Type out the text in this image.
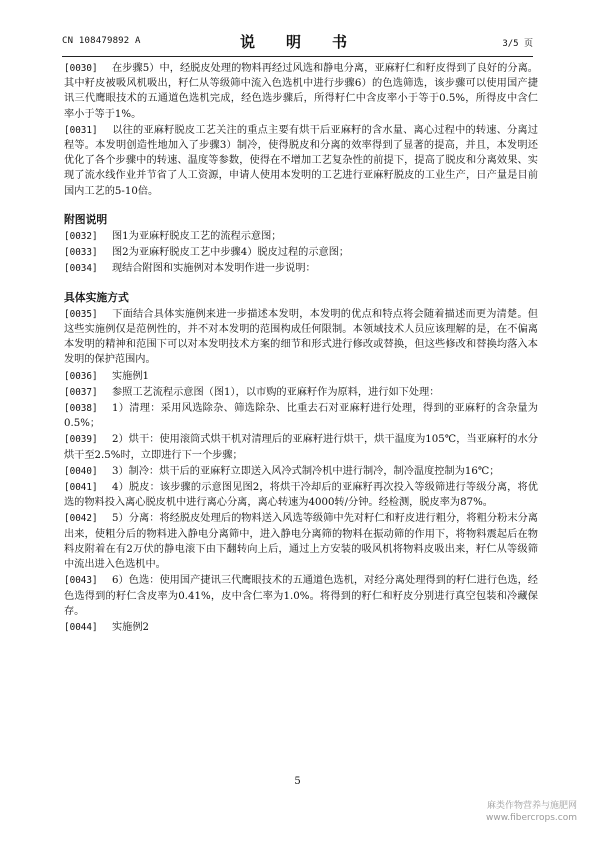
CN 108479892 A	说　明　书	3/5 页
[0030] 在步骤5）中，经脱皮处理的物料再经过风选和静电分离，亚麻籽仁和籽皮得到了良好的分离。其中籽皮被吸风机吸出，籽仁从等级筛中流入色选机中进行步骤6）的色选筛选，该步骤可以使用国产捷讯三代鹰眼技术的五通道色选机完成，经色选步骤后，所得籽仁中含皮率小于等于0.5%，所得皮中含仁率小于等于1%。
[0031] 以往的亚麻籽脱皮工艺关注的重点主要有烘干后亚麻籽的含水量、离心过程中的转速、分离过程等。本发明创造性地加入了步骤3）制冷，使得脱皮和分离的效率得到了显著的提高，并且，本发明还优化了各个步骤中的转速、温度等参数，使得在不增加工艺复杂性的前提下，提高了脱皮和分离效果、实现了流水线作业并节省了人工资源，申请人使用本发明的工艺进行亚麻籽脱皮的工业生产，日产量是目前国内工艺的5-10倍。
附图说明
[0032] 图1为亚麻籽脱皮工艺的流程示意图；
[0033] 图2为亚麻籽脱皮工艺中步骤4）脱皮过程的示意图；
[0034] 现结合附图和实施例对本发明作进一步说明：
具体实施方式
[0035] 下面结合具体实施例来进一步描述本发明，本发明的优点和特点将会随着描述而更为清楚。但这些实施例仅是范例性的，并不对本发明的范围构成任何限制。本领域技术人员应该理解的是，在不偏离本发明的精神和范围下可以对本发明技术方案的细节和形式进行修改或替换，但这些修改和替换均落入本发明的保护范围内。
[0036] 实施例1
[0037] 参照工艺流程示意图（图1），以市购的亚麻籽作为原料，进行如下处理：
[0038] 1）清理：采用风选除杂、筛选除杂、比重去石对亚麻籽进行处理，得到的亚麻籽的含杂量为0.5%；
[0039] 2）烘干：使用滚筒式烘干机对清理后的亚麻籽进行烘干，烘干温度为105℃，当亚麻籽的水分烘干至2.5%时，立即进行下一个步骤；
[0040] 3）制冷：烘干后的亚麻籽立即送入风冷式制冷机中进行制冷，制冷温度控制为16℃；
[0041] 4）脱皮：该步骤的示意图见图2，将烘干冷却后的亚麻籽再次投入等级筛进行等级分离，将优选的物料投入离心脱皮机中进行离心分离，离心转速为4000转/分钟。经检测，脱皮率为87%。
[0042] 5）分离：将经脱皮处理后的物料送入风选等级筛中先对籽仁和籽皮进行粗分，将粗分粉末分离出来，使粗分后的物料进入静电分离筛中，进入静电分离筛的物料在振动筛的作用下，将物料震起后在物料皮附着在有2万伏的静电滚下由下翻转向上后，通过上方安装的吸风机将物料皮吸出来，籽仁从等级筛中流出进入色选机中。
[0043] 6）色选：使用国产捷讯三代鹰眼技术的五通道色选机，对经分离处理得到的籽仁进行色选，经色选得到的籽仁含皮率为0.41%，皮中含仁率为1.0%。将得到的籽仁和籽皮分别进行真空包装和冷藏保存。
[0044] 实施例2
5
麻类作物营养与施肥网
www.fibercrops.com
